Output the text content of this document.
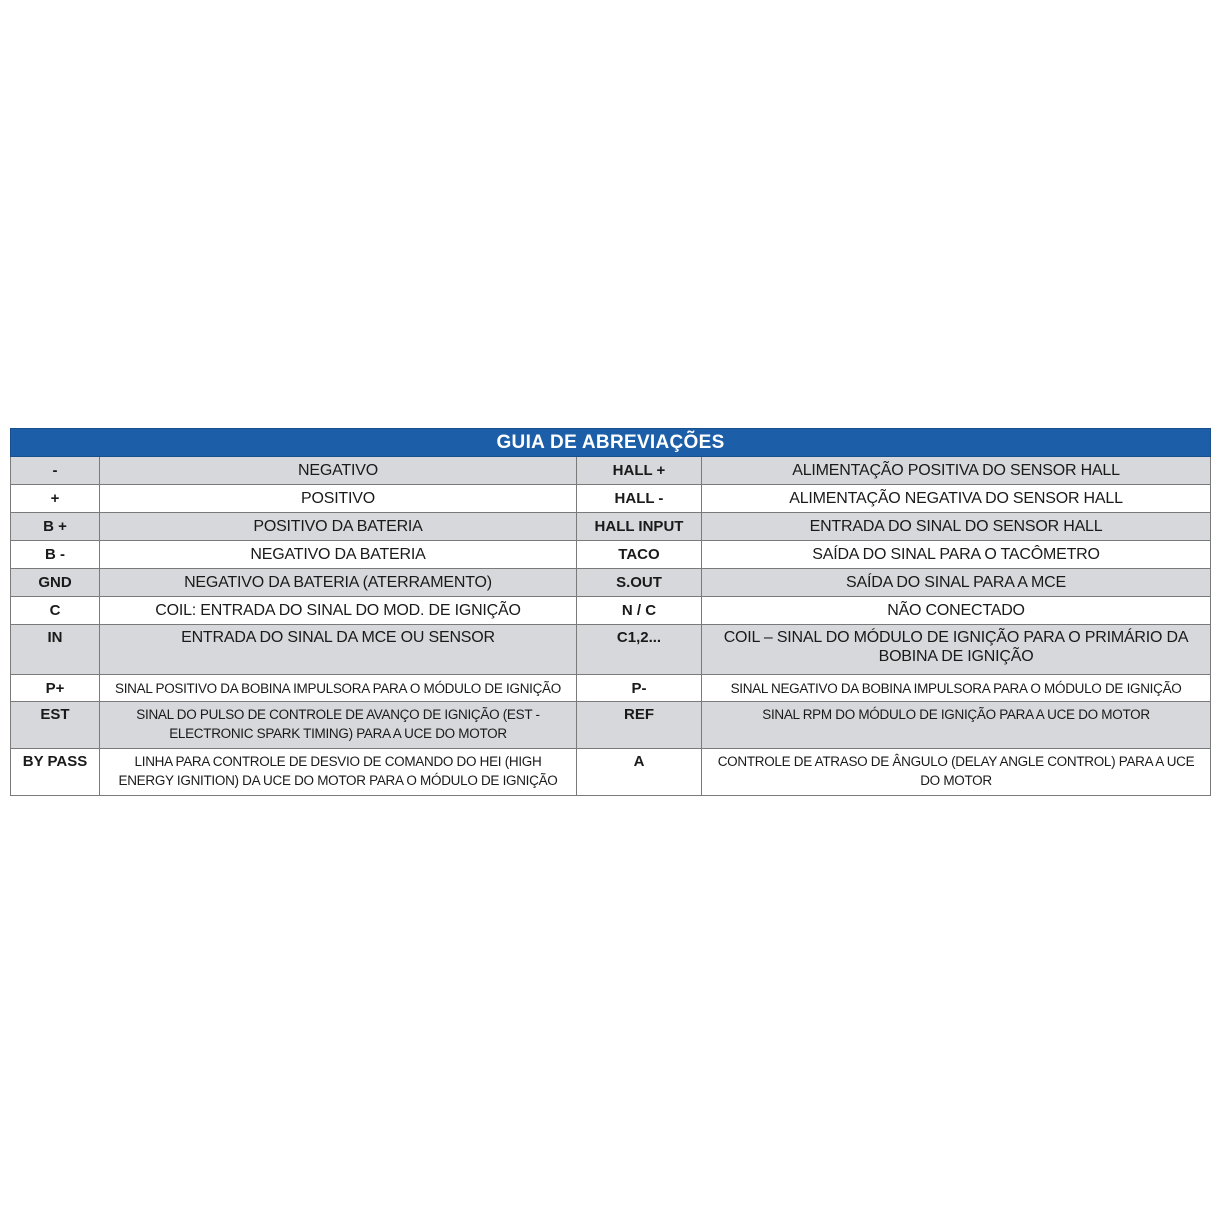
GUIA DE ABREVIAÇÕES			
-	NEGATIVO	HALL +	ALIMENTAÇÃO POSITIVA DO SENSOR HALL
+	POSITIVO	HALL -	ALIMENTAÇÃO NEGATIVA DO SENSOR HALL
B +	POSITIVO DA BATERIA	HALL INPUT	ENTRADA DO SINAL DO SENSOR HALL
B -	NEGATIVO DA BATERIA	TACO	SAÍDA DO SINAL PARA O TACÔMETRO
GND	NEGATIVO DA BATERIA (ATERRAMENTO)	S.OUT	SAÍDA DO SINAL PARA A MCE
C	COIL: ENTRADA DO SINAL DO MOD. DE IGNIÇÃO	N / C	NÃO CONECTADO
IN	ENTRADA DO SINAL DA MCE OU SENSOR	C1,2...	COIL – SINAL DO MÓDULO DE IGNIÇÃO PARA O PRIMÁRIO DA BOBINA DE IGNIÇÃO
P+	SINAL POSITIVO DA BOBINA IMPULSORA PARA O MÓDULO DE IGNIÇÃO	P-	SINAL NEGATIVO DA BOBINA IMPULSORA PARA O MÓDULO DE IGNIÇÃO
EST	SINAL DO PULSO DE CONTROLE DE AVANÇO DE IGNIÇÃO (EST - ELECTRONIC SPARK TIMING) PARA A UCE DO MOTOR	REF	SINAL RPM DO MÓDULO DE IGNIÇÃO PARA A UCE DO MOTOR
BY PASS	LINHA PARA CONTROLE DE DESVIO DE COMANDO DO HEI (HIGH ENERGY IGNITION) DA UCE DO MOTOR PARA O MÓDULO DE IGNIÇÃO	A	CONTROLE DE ATRASO DE ÂNGULO (DELAY ANGLE CONTROL) PARA A UCE DO MOTOR
